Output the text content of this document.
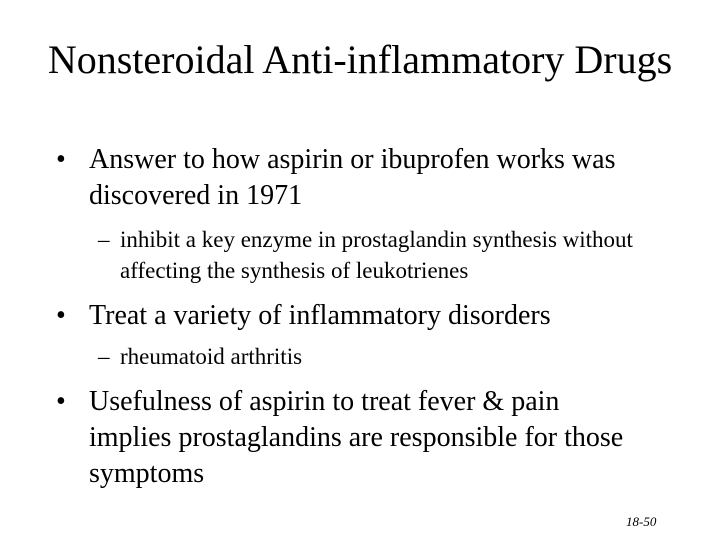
Nonsteroidal Anti-inflammatory Drugs
• Answer to how aspirin or ibuprofen works was discovered in 1971
– inhibit a key enzyme in prostaglandin synthesis without affecting the synthesis of leukotrienes
• Treat a variety of inflammatory disorders
– rheumatoid arthritis
• Usefulness of aspirin to treat fever & pain implies prostaglandins are responsible for those symptoms
18-50
